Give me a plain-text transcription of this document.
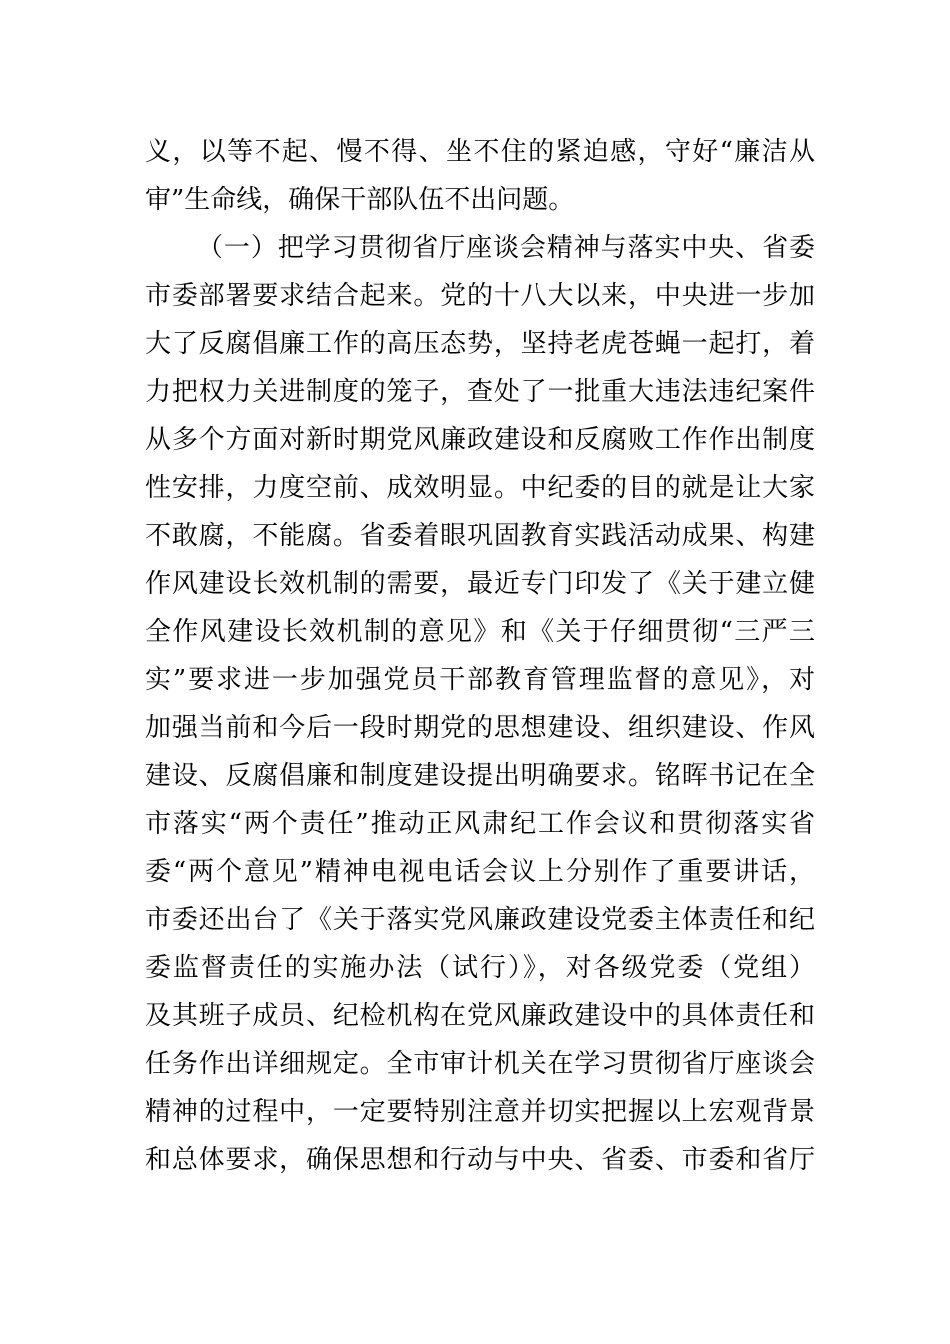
义，以等不起、慢不得、坐不住的紧迫感，守好“廉洁从
审”生命线，确保干部队伍不出问题。
（一）把学习贯彻省厅座谈会精神与落实中央、省委
市委部署要求结合起来。党的十八大以来，中央进一步加
大了反腐倡廉工作的高压态势，坚持老虎苍蝇一起打，着
力把权力关进制度的笼子，查处了一批重大违法违纪案件
从多个方面对新时期党风廉政建设和反腐败工作作出制度
性安排，力度空前、成效明显。中纪委的目的就是让大家
不敢腐，不能腐。省委着眼巩固教育实践活动成果、构建
作风建设长效机制的需要，最近专门印发了《关于建立健
全作风建设长效机制的意见》和《关于仔细贯彻“三严三
实”要求进一步加强党员干部教育管理监督的意见》，对
加强当前和今后一段时期党的思想建设、组织建设、作风
建设、反腐倡廉和制度建设提出明确要求。铭晖书记在全
市落实“两个责任”推动正风肃纪工作会议和贯彻落实省
委“两个意见”精神电视电话会议上分别作了重要讲话，
市委还出台了《关于落实党风廉政建设党委主体责任和纪
委监督责任的实施办法（试行）》，对各级党委（党组）
及其班子成员、纪检机构在党风廉政建设中的具体责任和
任务作出详细规定。全市审计机关在学习贯彻省厅座谈会
精神的过程中，一定要特别注意并切实把握以上宏观背景
和总体要求，确保思想和行动与中央、省委、市委和省厅
